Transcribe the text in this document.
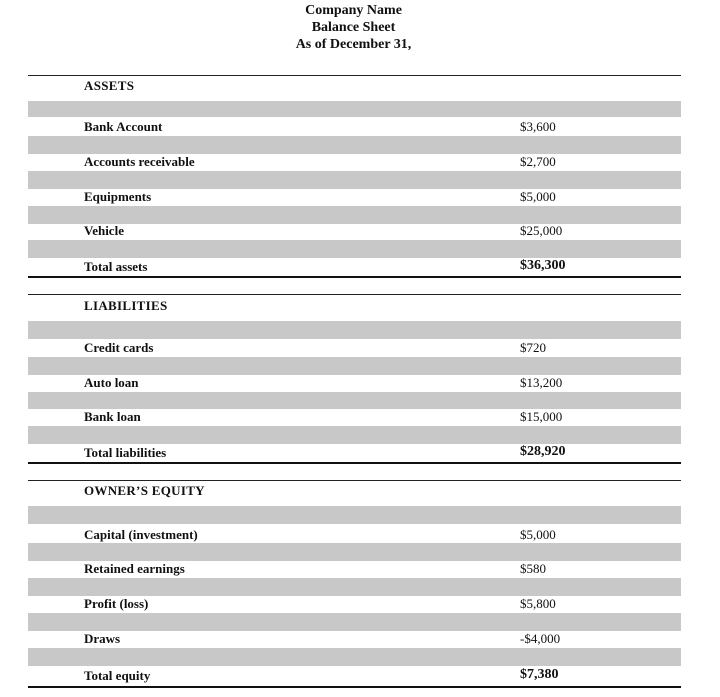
Company Name
Balance Sheet
As of December 31,
ASSETS
Bank Account	$3,600
Accounts receivable	$2,700
Equipments	$5,000
Vehicle	$25,000
Total assets	$36,300
LIABILITIES
Credit cards	$720
Auto loan	$13,200
Bank loan	$15,000
Total liabilities	$28,920
OWNER’S EQUITY
Capital (investment)	$5,000
Retained earnings	$580
Profit (loss)	$5,800
Draws	-$4,000
Total equity	$7,380
